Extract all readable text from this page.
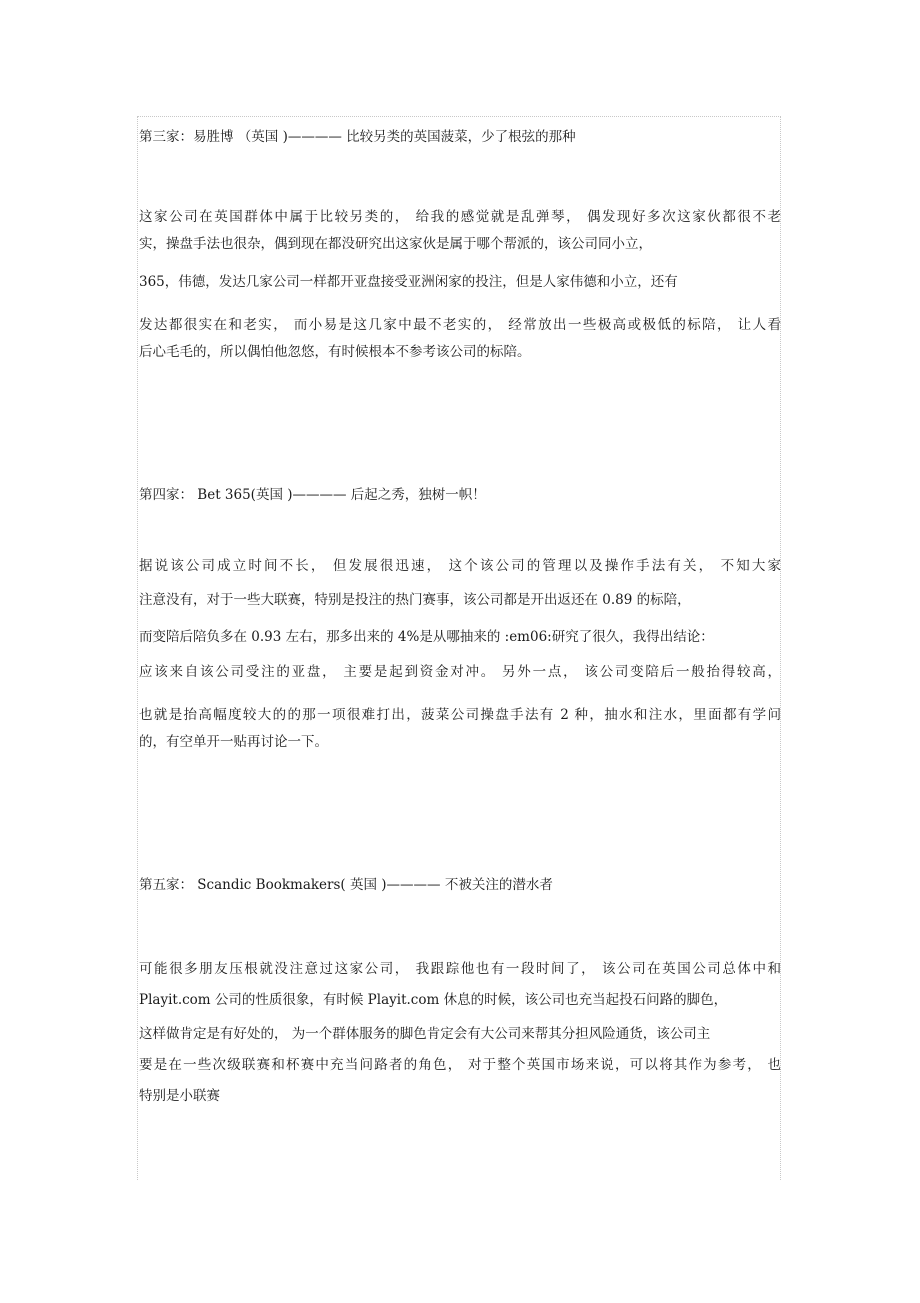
第三家：易胜博 （英国 )———— 比较另类的英国菠菜，少了根弦的那种
这家公司在英国群体中属于比较另类的， 给我的感觉就是乱弹琴， 偶发现好多次这家伙都很不老
实，操盘手法也很杂，偶到现在都没研究出这家伙是属于哪个帮派的，该公司同小立，
365，伟德，发达几家公司一样都开亚盘接受亚洲闲家的投注，但是人家伟德和小立，还有
发达都很实在和老实， 而小易是这几家中最不老实的， 经常放出一些极高或极低的标陪， 让人看
后心毛毛的，所以偶怕他忽悠，有时候根本不参考该公司的标陪。
第四家： Bet 365(英国 )———— 后起之秀，独树一帜！
据说该公司成立时间不长， 但发展很迅速， 这个该公司的管理以及操作手法有关， 不知大家
注意没有，对于一些大联赛，特别是投注的热门赛事，该公司都是开出返还在 0.89 的标陪，
而变陪后陪负多在 0.93 左右，那多出来的 4%是从哪抽来的 :em06:研究了很久，我得出结论：
应该来自该公司受注的亚盘， 主要是起到资金对冲。 另外一点， 该公司变陪后一般抬得较高，
也就是抬高幅度较大的的那一项很难打出，菠菜公司操盘手法有 2 种，抽水和注水，里面都有学问
的，有空单开一贴再讨论一下。
第五家： Scandic Bookmakers( 英国 )———— 不被关注的潜水者
可能很多朋友压根就没注意过这家公司， 我跟踪他也有一段时间了， 该公司在英国公司总体中和
Playit.com 公司的性质很象，有时候 Playit.com 休息的时候，该公司也充当起投石问路的脚色，
这样做肯定是有好处的， 为一个群体服务的脚色肯定会有大公司来帮其分担风险通货，该公司主
要是在一些次级联赛和杯赛中充当问路者的角色， 对于整个英国市场来说，可以将其作为参考， 也
特别是小联赛
